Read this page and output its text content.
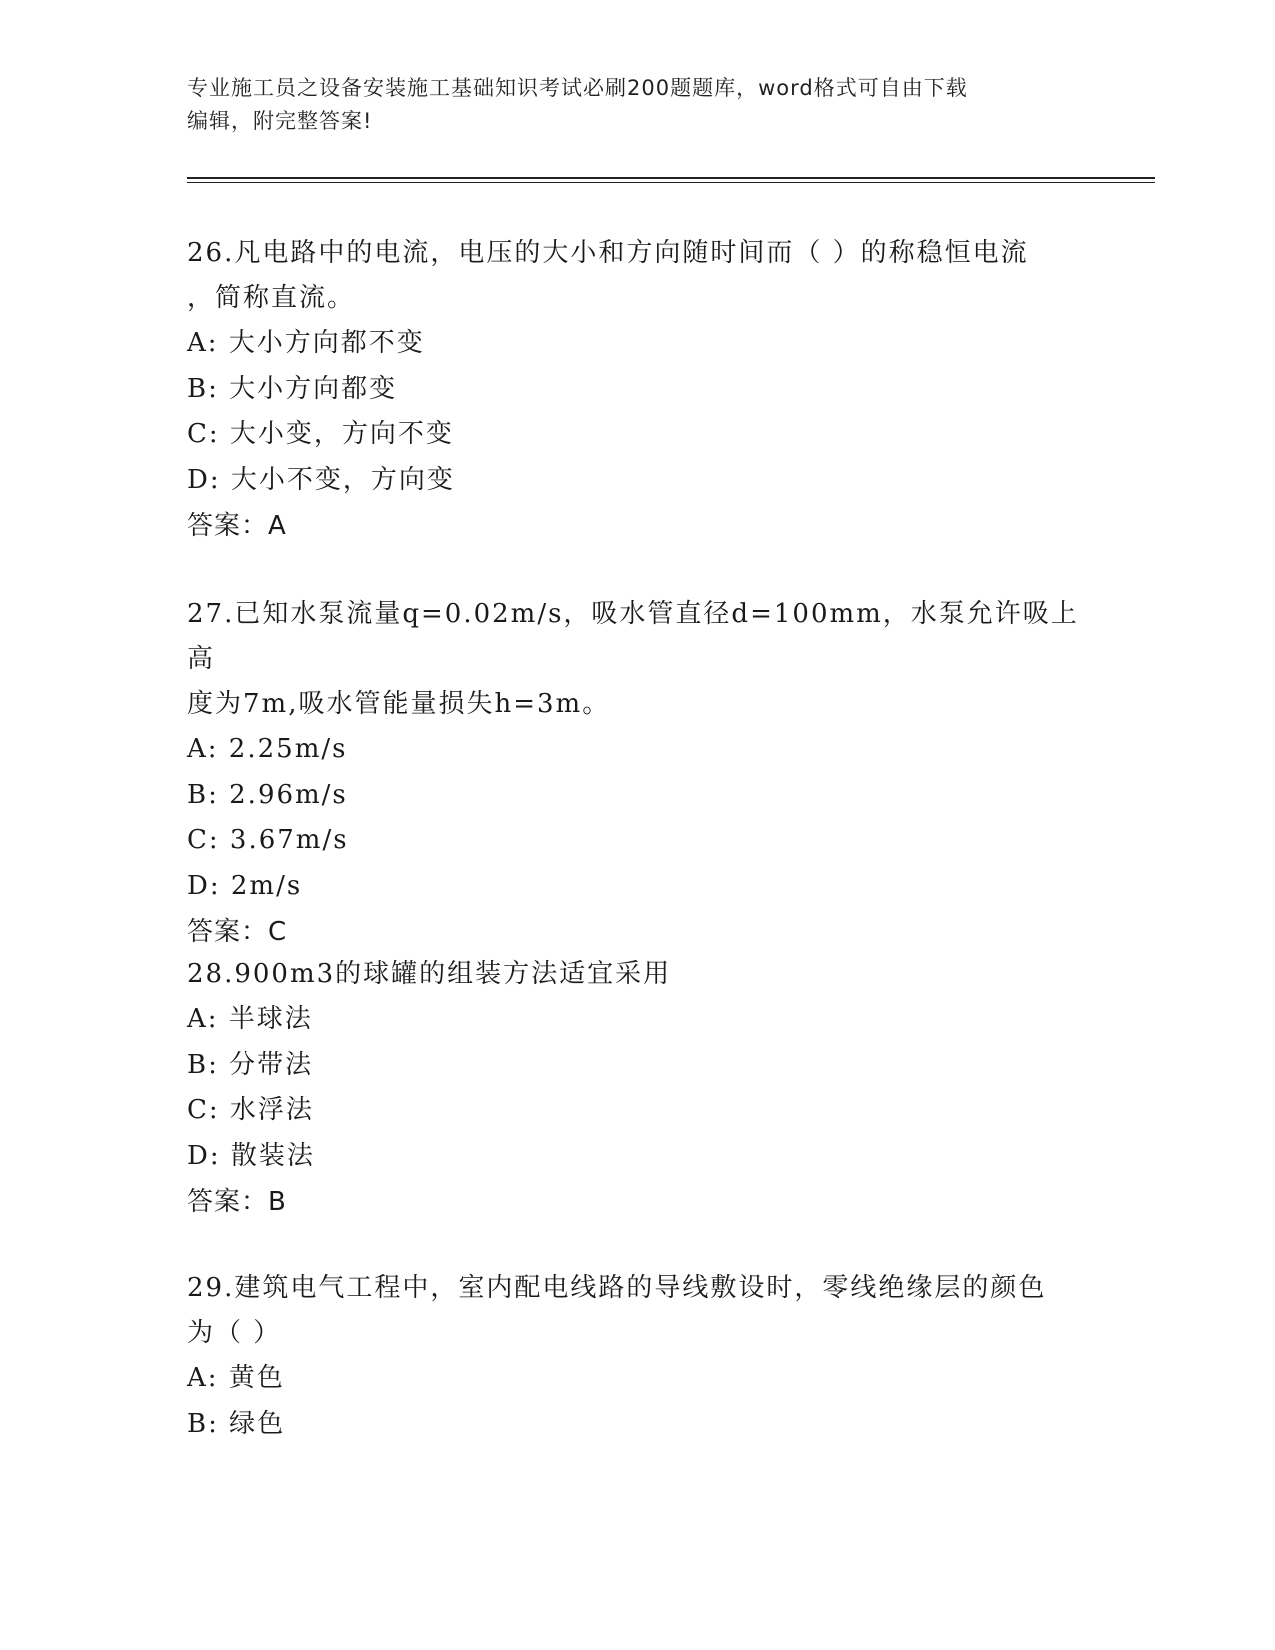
专业施工员之设备安装施工基础知识考试必刷200题题库，word格式可自由下载
编辑，附完整答案!
26.凡电路中的电流，电压的大小和方向随时间而（ ）的称稳恒电流
，简称直流。
A: 大小方向都不变
B: 大小方向都变
C: 大小变，方向不变
D: 大小不变，方向变
答案：A
27.已知水泵流量q=0.02m/s，吸水管直径d=100mm，水泵允许吸上高
度为7m,吸水管能量损失h=3m。
A: 2.25m/s
B: 2.96m/s
C: 3.67m/s
D: 2m/s
答案：C
28.900m3的球罐的组装方法适宜采用
A: 半球法
B: 分带法
C: 水浮法
D: 散装法
答案：B
29.建筑电气工程中，室内配电线路的导线敷设时，零线绝缘层的颜色
为（ ）
A: 黄色
B: 绿色
